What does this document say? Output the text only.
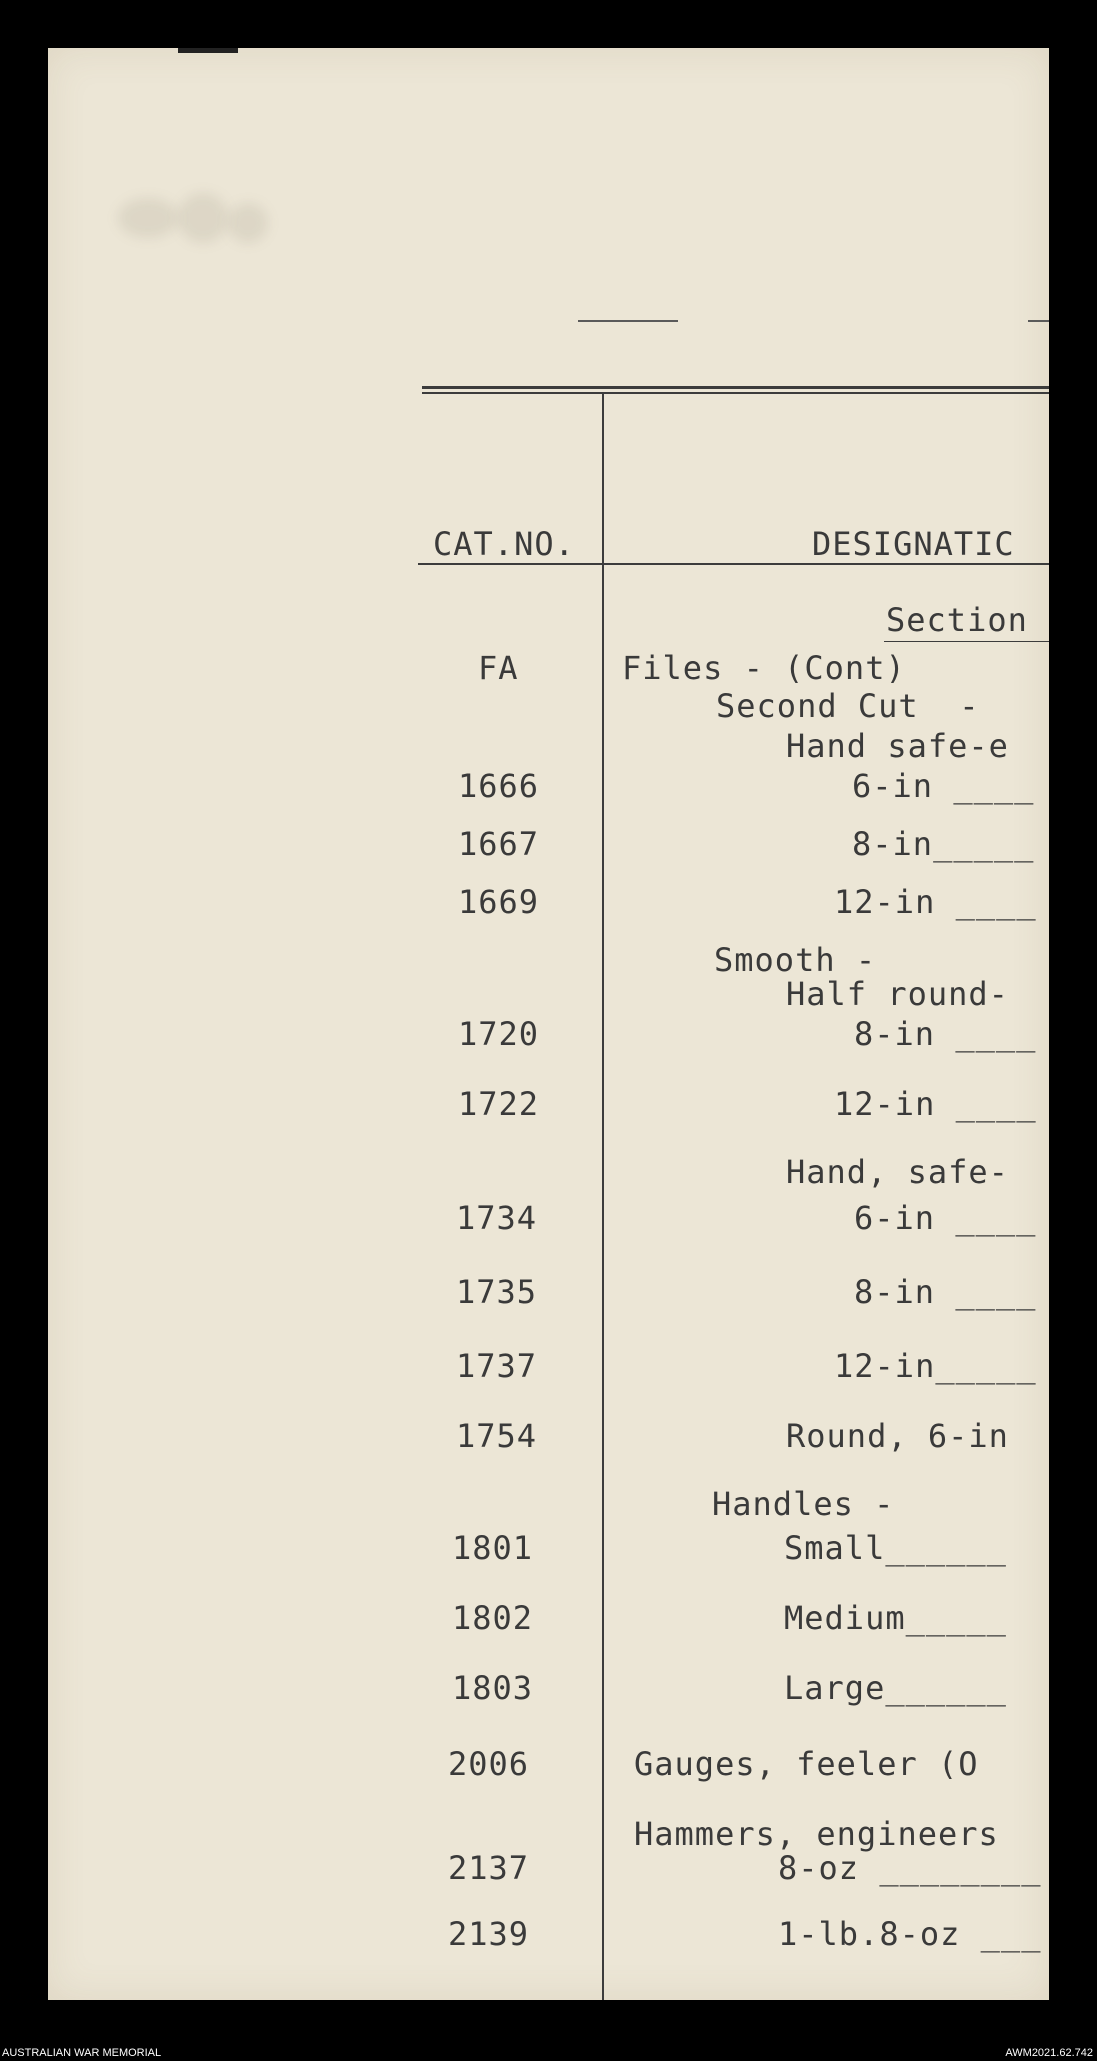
CAT.NO.	DESIGNATIC
Section
FA
1666
1667
1669
1720
1722
1734
1735
1737
1754
1801
1802
1803
2006
2137
2139
Files - (Cont)
Second Cut  -
Hand safe-e
6-in ____
8-in_____
12-in ____
Smooth -
Half round-
8-in ____
12-in ____
Hand, safe-
6-in ____
8-in ____
12-in_____
Round, 6-in
Handles -
Small______
Medium_____
Large______
Gauges, feeler (O
Hammers, engineers
8-oz ________
1-lb.8-oz ___
AUSTRALIAN WAR MEMORIAL	AWM2021.62.742
